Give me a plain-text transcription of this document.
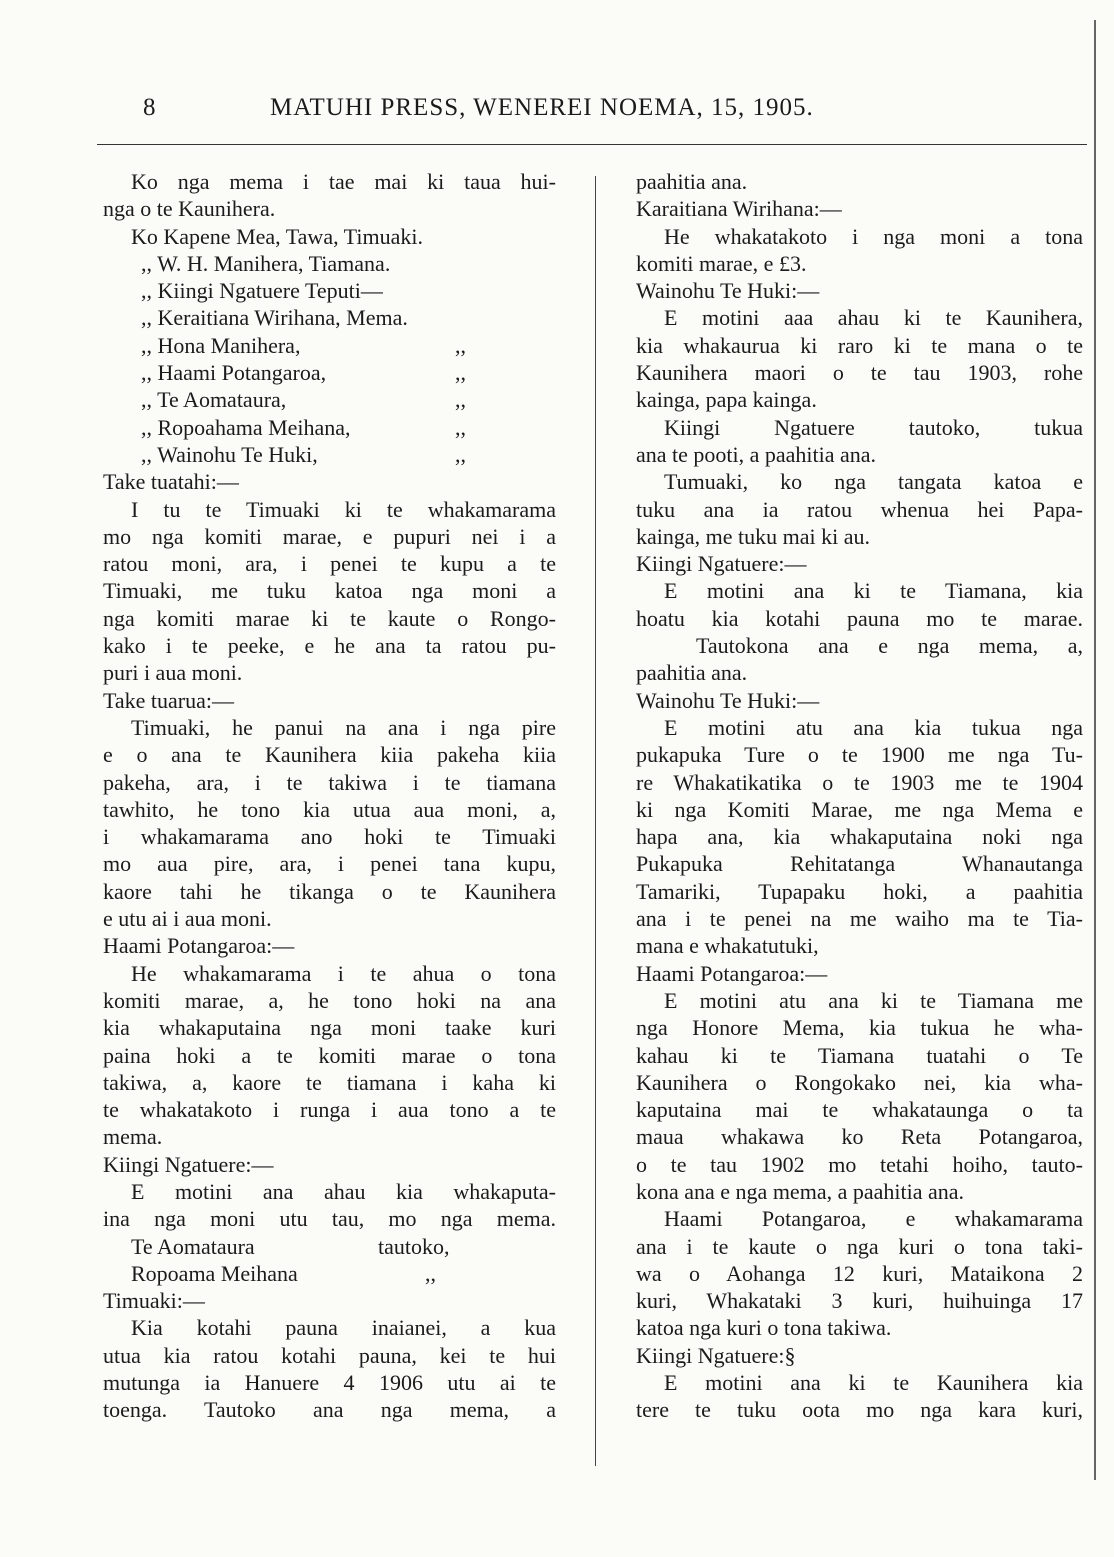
8	MATUHI PRESS, WENEREI NOEMA, 15, 1905.
Ko nga mema i tae mai ki taua hui-
nga o te Kaunihera.
Ko Kapene Mea, Tawa, Timuaki.
,, W. H. Manihera, Tiamana.
,, Kiingi Ngatuere Teputi—
,, Keraitiana Wirihana, Mema.
,, Hona Manihera,	,,
,, Haami Potangaroa,	,,
,, Te Aomataura,	,,
,, Ropoahama Meihana,	,,
,, Wainohu Te Huki,	,,
Take tuatahi:—
I tu te Timuaki ki te whakamarama
mo nga komiti marae, e pupuri nei i a
ratou moni, ara, i penei te kupu a te
Timuaki, me tuku katoa nga moni a
nga komiti marae ki te kaute o Rongo-
kako i te peeke, e he ana ta ratou pu-
puri i aua moni.
Take tuarua:—
Timuaki, he panui na ana i nga pire
e o ana te Kaunihera kiia pakeha kiia
pakeha, ara, i te takiwa i te tiamana
tawhito, he tono kia utua aua moni, a,
i whakamarama ano hoki te Timuaki
mo aua pire, ara, i penei tana kupu,
kaore tahi he tikanga o te Kaunihera
e utu ai i aua moni.
Haami Potangaroa:—
He whakamarama i te ahua o tona
komiti marae, a, he tono hoki na ana
kia whakaputaina nga moni taake kuri
paina hoki a te komiti marae o tona
takiwa, a, kaore te tiamana i kaha ki
te whakatakoto i runga i aua tono a te
mema.
Kiingi Ngatuere:—
E motini ana ahau kia whakaputa-
ina nga moni utu tau, mo nga mema.
Te Aomataura	tautoko,
Ropoama Meihana	,,
Timuaki:—
Kia kotahi pauna inaianei, a kua
utua kia ratou kotahi pauna, kei te hui
mutunga ia Hanuere 4 1906 utu ai te
toenga. Tautoko ana nga mema, a
paahitia ana.
Karaitiana Wirihana:—
He whakatakoto i nga moni a tona
komiti marae, e £3.
Wainohu Te Huki:—
E motini aaa ahau ki te Kaunihera,
kia whakaurua ki raro ki te mana o te
Kaunihera maori o te tau 1903, rohe
kainga, papa kainga.
Kiingi Ngatuere tautoko, tukua
ana te pooti, a paahitia ana.
Tumuaki, ko nga tangata katoa e
tuku ana ia ratou whenua hei Papa-
kainga, me tuku mai ki au.
Kiingi Ngatuere:—
E motini ana ki te Tiamana, kia
hoatu kia kotahi pauna mo te marae.
Tautokona ana e nga mema, a,
paahitia ana.
Wainohu Te Huki:—
E motini atu ana kia tukua nga
pukapuka Ture o te 1900 me nga Tu-
re Whakatikatika o te 1903 me te 1904
ki nga Komiti Marae, me nga Mema e
hapa ana, kia whakaputaina noki nga
Pukapuka Rehitatanga Whanautanga
Tamariki, Tupapaku hoki, a paahitia
ana i te penei na me waiho ma te Tia-
mana e whakatutuki,
Haami Potangaroa:—
E motini atu ana ki te Tiamana me
nga Honore Mema, kia tukua he wha-
kahau ki te Tiamana tuatahi o Te
Kaunihera o Rongokako nei, kia wha-
kaputaina mai te whakataunga o ta
maua whakawa ko Reta Potangaroa,
o te tau 1902 mo tetahi hoiho, tauto-
kona ana e nga mema, a paahitia ana.
Haami Potangaroa, e whakamarama
ana i te kaute o nga kuri o tona taki-
wa o Aohanga 12 kuri, Mataikona 2
kuri, Whakataki 3 kuri, huihuinga 17
katoa nga kuri o tona takiwa.
Kiingi Ngatuere:§
E motini ana ki te Kaunihera kia
tere te tuku oota mo nga kara kuri,
